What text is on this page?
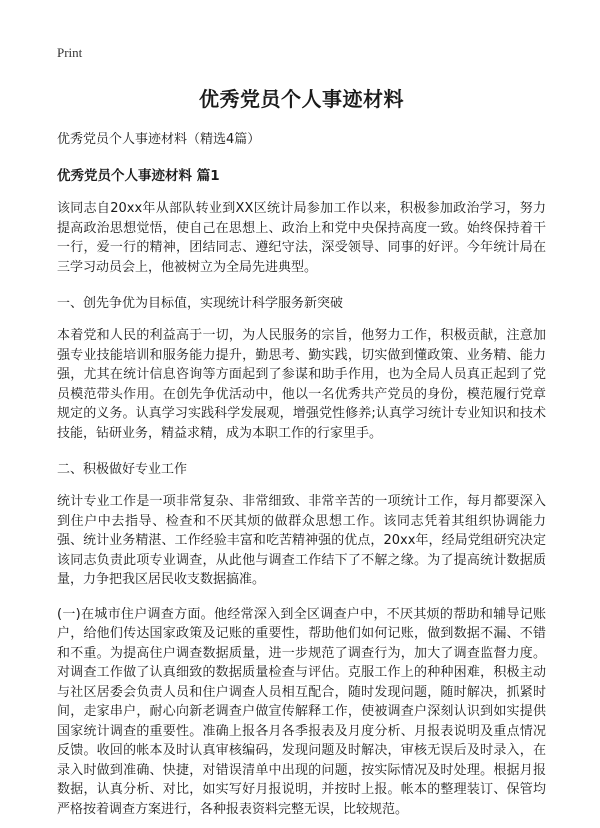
Print
优秀党员个人事迹材料
优秀党员个人事迹材料（精选4篇）
优秀党员个人事迹材料 篇1

该同志自20xx年从部队转业到XX区统计局参加工作以来，积极参加政治学习，努力提高政治思想觉悟，使自己在思想上、政治上和党中央保持高度一致。始终保持着干一行，爱一行的精神，团结同志、遵纪守法，深受领导、同事的好评。今年统计局在三学习动员会上，他被树立为全局先进典型。

一、创先争优为目标值，实现统计科学服务新突破

本着党和人民的利益高于一切，为人民服务的宗旨，他努力工作，积极贡献，注意加强专业技能培训和服务能力提升，勤思考、勤实践，切实做到懂政策、业务精、能力强，尤其在统计信息咨询等方面起到了参谋和助手作用，也为全局人员真正起到了党员模范带头作用。在创先争优活动中，他以一名优秀共产党员的身份，模范履行党章规定的义务。认真学习实践科学发展观，增强党性修养;认真学习统计专业知识和技术技能，钻研业务，精益求精，成为本职工作的行家里手。

二、积极做好专业工作

统计专业工作是一项非常复杂、非常细致、非常辛苦的一项统计工作，每月都要深入到住户中去指导、检查和不厌其烦的做群众思想工作。该同志凭着其组织协调能力强、统计业务精湛、工作经验丰富和吃苦精神强的优点，20xx年，经局党组研究决定该同志负责此项专业调查，从此他与调查工作结下了不解之缘。为了提高统计数据质量，力争把我区居民收支数据搞准。

(一)在城市住户调查方面。他经常深入到全区调查户中，不厌其烦的帮助和辅导记账户，给他们传达国家政策及记账的重要性，帮助他们如何记账，做到数据不漏、不错和不重。为提高住户调查数据质量，进一步规范了调查行为，加大了调查监督力度。对调查工作做了认真细致的数据质量检查与评估。克服工作上的种种困难，积极主动与社区居委会负责人员和住户调查人员相互配合，随时发现问题，随时解决，抓紧时间，走家串户，耐心向新老调查户做宣传解释工作，使被调查户深刻认识到如实提供国家统计调查的重要性。准确上报各月各季报表及月度分析、月报表说明及重点情况反馈。收回的帐本及时认真审核编码，发现问题及时解决，审核无误后及时录入，在录入时做到准确、快捷，对错误清单中出现的问题，按实际情况及时处理。根据月报数据，认真分析、对比，如实写好月报说明，并按时上报。帐本的整理装订、保管均严格按着调查方案进行，各种报表资料完整无误，比较规范。
